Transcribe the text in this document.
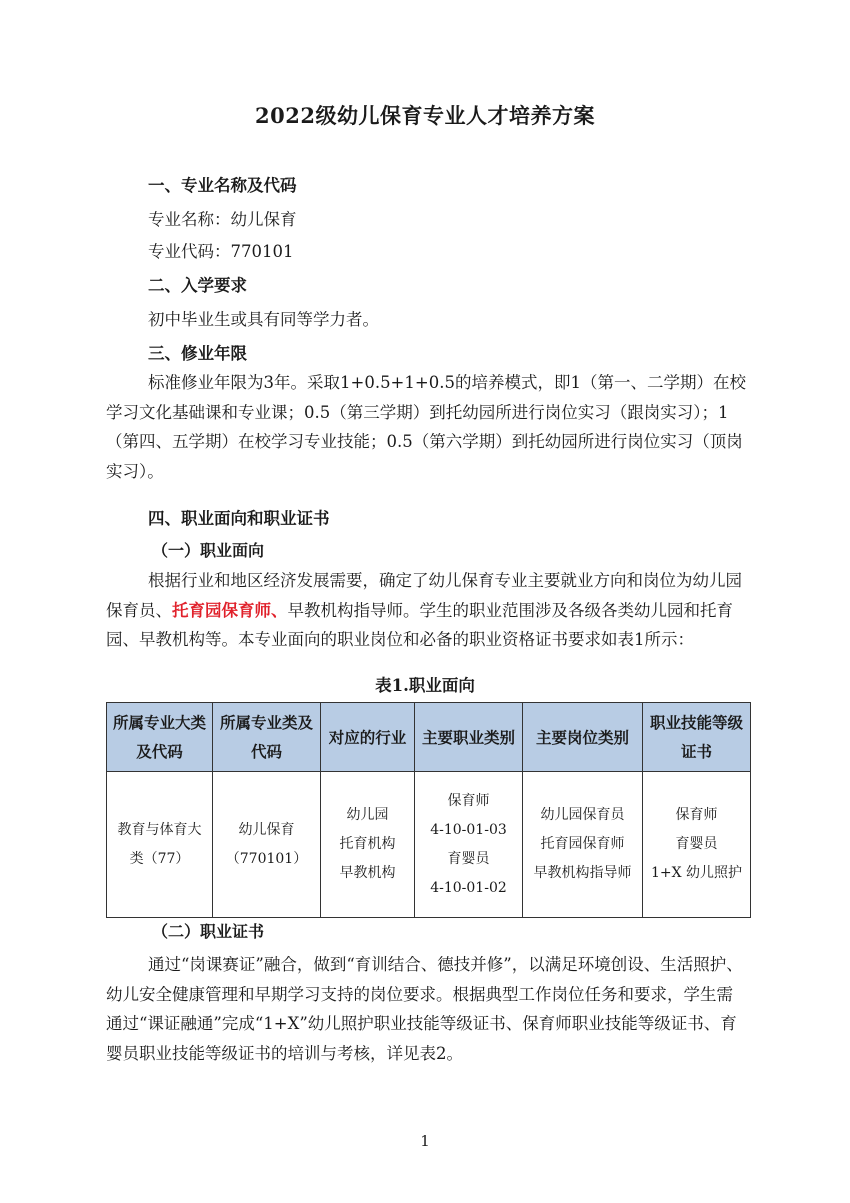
2022级幼儿保育专业人才培养方案
一、专业名称及代码
专业名称：幼儿保育
专业代码：770101
二、入学要求
初中毕业生或具有同等学力者。
三、修业年限
标准修业年限为3年。采取1+0.5+1+0.5的培养模式，即1（第一、二学期）在校学习文化基础课和专业课；0.5（第三学期）到托幼园所进行岗位实习（跟岗实习）；1（第四、五学期）在校学习专业技能；0.5（第六学期）到托幼园所进行岗位实习（顶岗实习）。
四、职业面向和职业证书
（一）职业面向
根据行业和地区经济发展需要，确定了幼儿保育专业主要就业方向和岗位为幼儿园保育员、托育园保育师、早教机构指导师。学生的职业范围涉及各级各类幼儿园和托育园、早教机构等。本专业面向的职业岗位和必备的职业资格证书要求如表1所示：
表1.职业面向
所属专业大类及代码	所属专业类及代码	对应的行业	主要职业类别	主要岗位类别	职业技能等级证书
教育与体育大类（77）	幼儿保育（770101）	幼儿园
托育机构
早教机构	保育师
4-10-01-03
育婴员
4-10-01-02	幼儿园保育员
托育园保育师
早教机构指导师	保育师
育婴员
1+X 幼儿照护
（二）职业证书
通过“岗课赛证”融合，做到“育训结合、德技并修”，以满足环境创设、生活照护、幼儿安全健康管理和早期学习支持的岗位要求。根据典型工作岗位任务和要求，学生需通过“课证融通”完成“1+X”幼儿照护职业技能等级证书、保育师职业技能等级证书、育婴员职业技能等级证书的培训与考核，详见表2。
1
